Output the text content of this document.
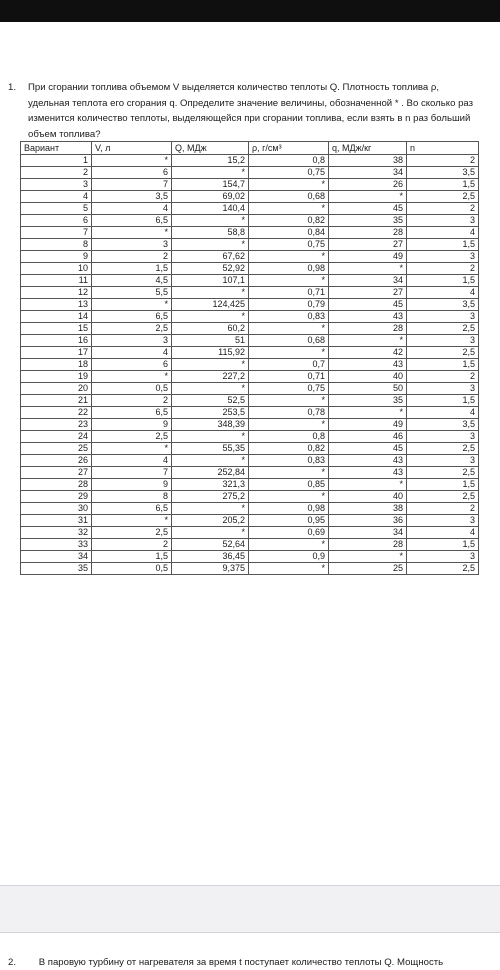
1. При сгорании топлива объемом V выделяется количество теплоты Q. Плотность топлива ρ, удельная теплота его сгорания q. Определите значение величины, обозначенной * . Во сколько раз изменится количество теплоты, выделяющейся при сгорании топлива, если взять в n раз больший объем топлива?
Вариант	V, л	Q, МДж	ρ, г/см³	q, МДж/кг	n
1	*	15,2	0,8	38	2
2	6	*	0,75	34	3,5
3	7	154,7	*	26	1,5
4	3,5	69,02	0,68	*	2,5
5	4	140,4	*	45	2
6	6,5	*	0,82	35	3
7	*	58,8	0,84	28	4
8	3	*	0,75	27	1,5
9	2	67,62	*	49	3
10	1,5	52,92	0,98	*	2
11	4,5	107,1	*	34	1,5
12	5,5	*	0,71	27	4
13	*	124,425	0,79	45	3,5
14	6,5	*	0,83	43	3
15	2,5	60,2	*	28	2,5
16	3	51	0,68	*	3
17	4	115,92	*	42	2,5
18	6	*	0,7	43	1,5
19	*	227,2	0,71	40	2
20	0,5	*	0,75	50	3
21	2	52,5	*	35	1,5
22	6,5	253,5	0,78	*	4
23	9	348,39	*	49	3,5
24	2,5	*	0,8	46	3
25	*	55,35	0,82	45	2,5
26	4	*	0,83	43	3
27	7	252,84	*	43	2,5
28	9	321,3	0,85	*	1,5
29	8	275,2	*	40	2,5
30	6,5	*	0,98	38	2
31	*	205,2	0,95	36	3
32	2,5	*	0,69	34	4
33	2	52,64	*	28	1,5
34	1,5	36,45	0,9	*	3
35	0,5	9,375	*	25	2,5
2. В паровую турбину от нагревателя за время t поступает количество теплоты Q. Мощность
